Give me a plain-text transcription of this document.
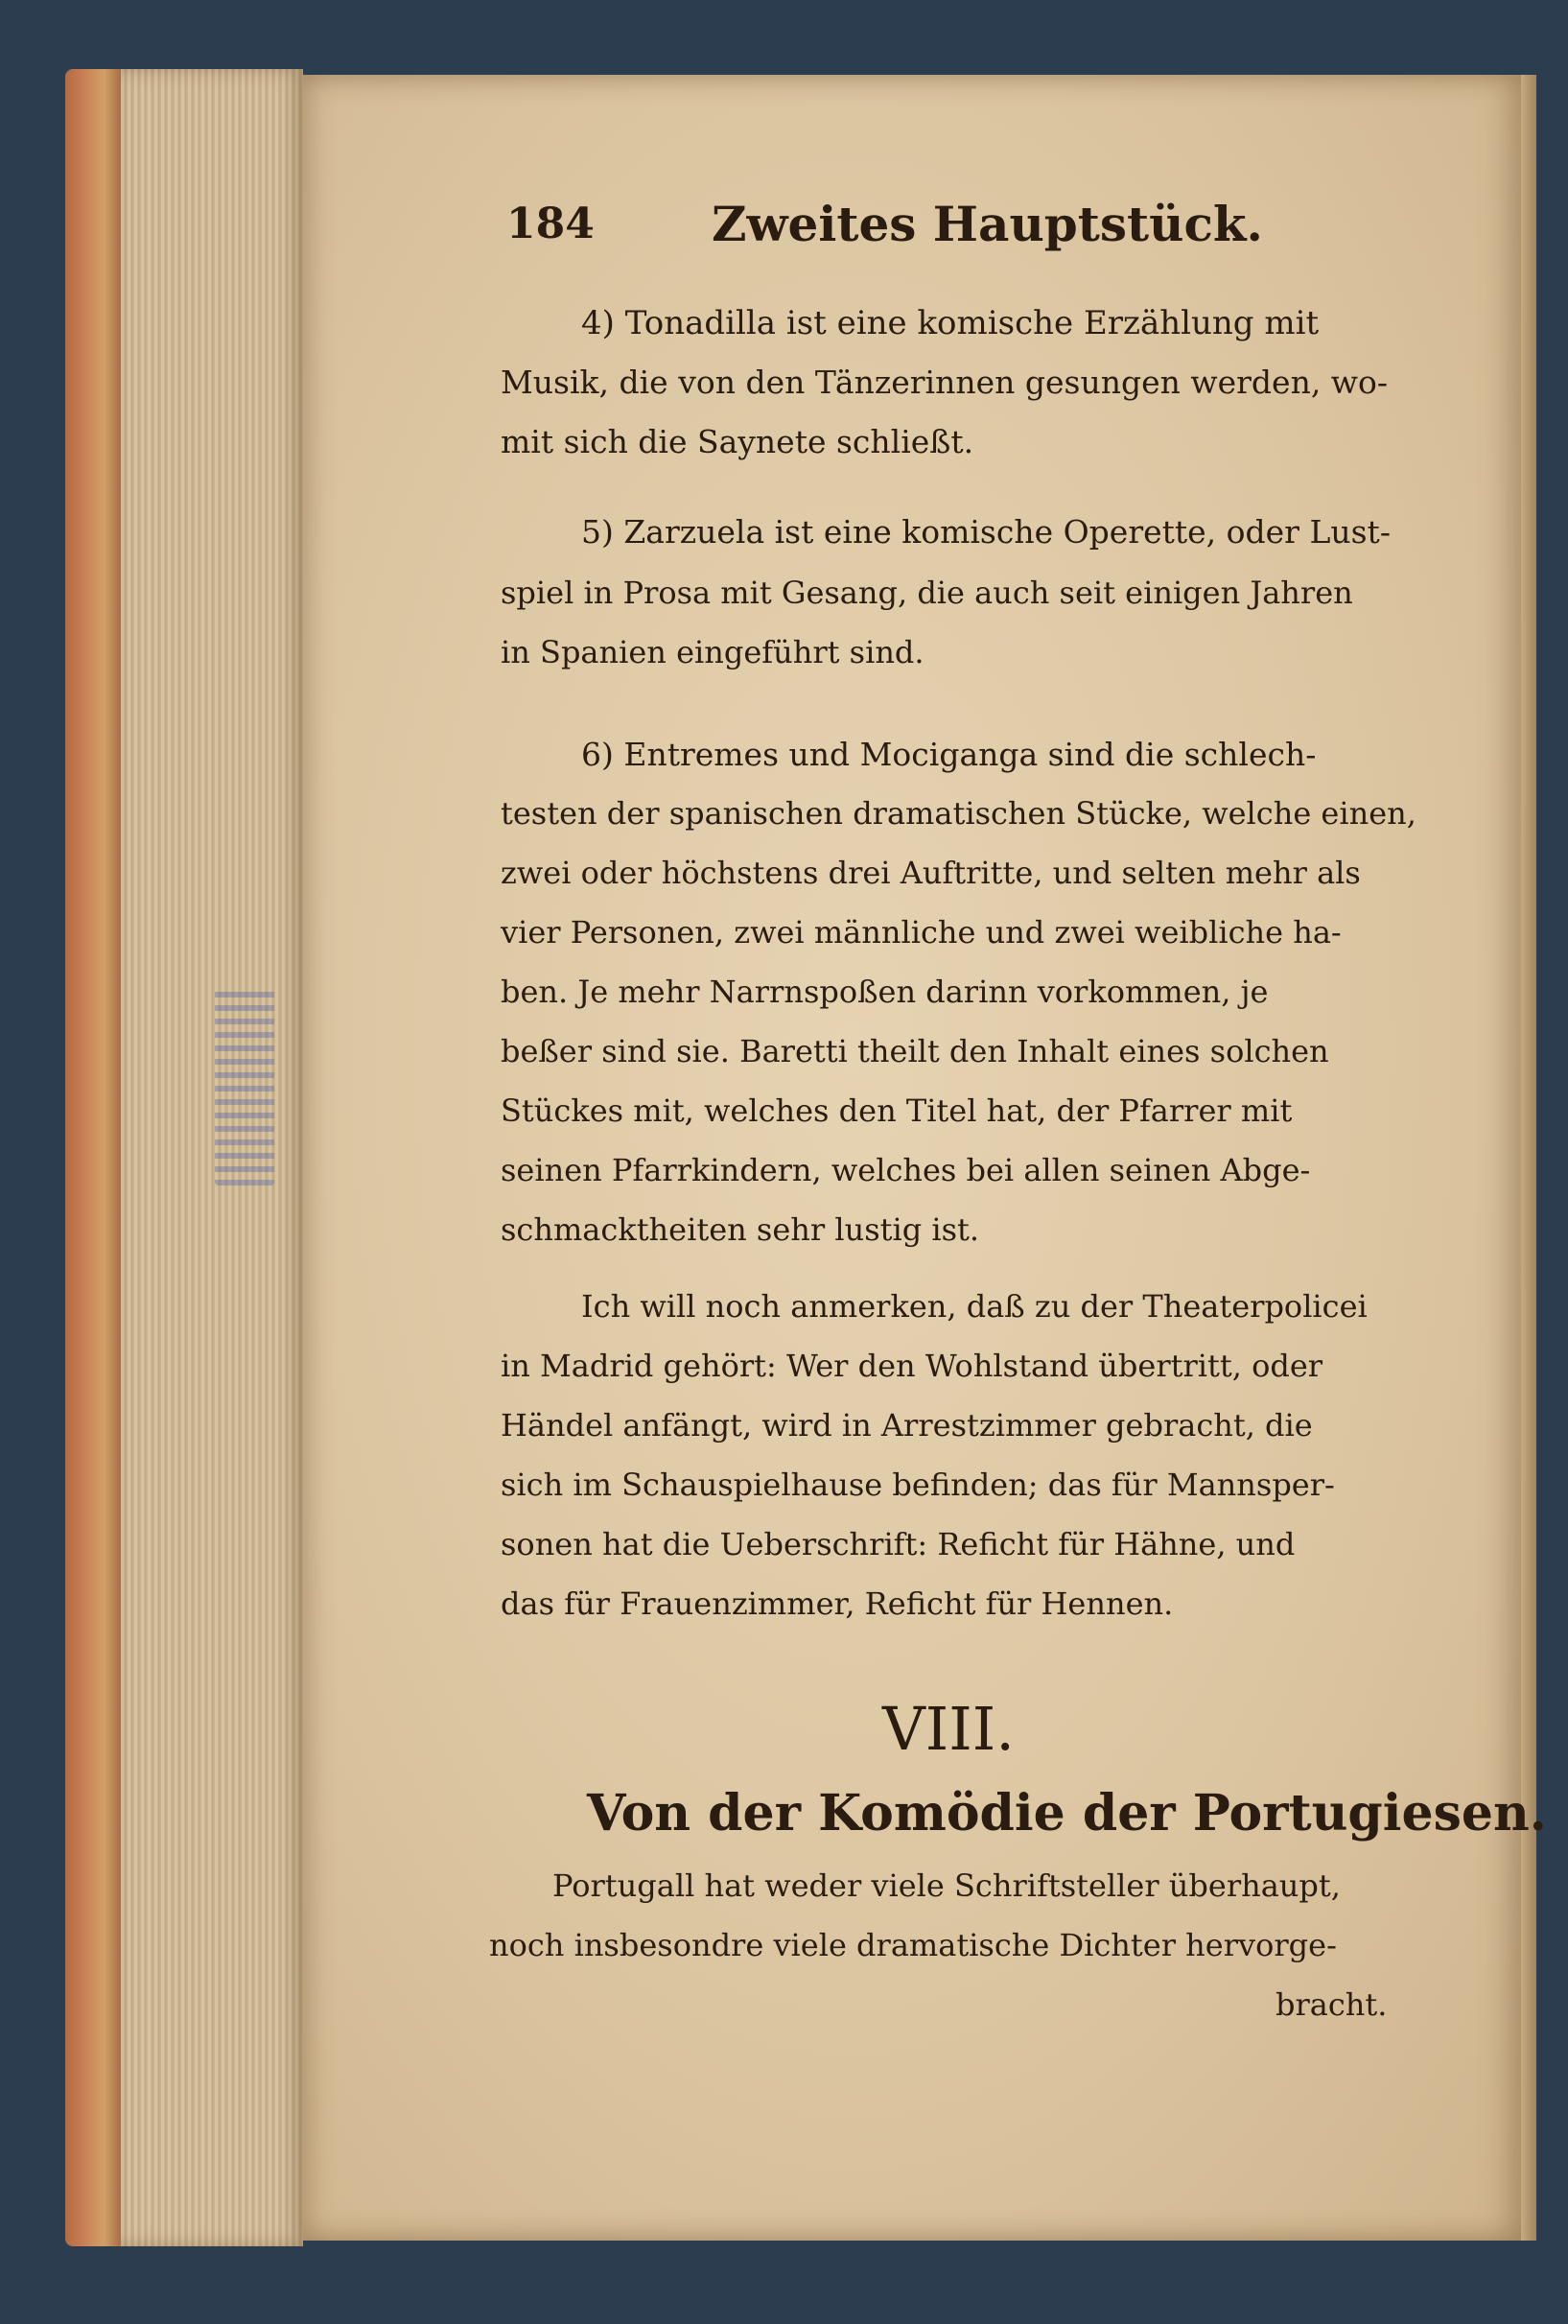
184 Zweites Hauptstück.
4) Tonadilla ist eine komische Erzählung mit
Musik, die von den Tänzerinnen gesungen werden, wo-
mit sich die Saynete schließt.
5) Zarzuela ist eine komische Operette, oder Lust-
spiel in Prosa mit Gesang, die auch seit einigen Jahren
in Spanien eingeführt sind.
6) Entremes und Mociganga sind die schlech-
testen der spanischen dramatischen Stücke, welche einen,
zwei oder höchstens drei Auftritte, und selten mehr als
vier Personen, zwei männliche und zwei weibliche ha-
ben. Je mehr Narrnspoßen darinn vorkommen, je
beßer sind sie. Baretti theilt den Inhalt eines solchen
Stückes mit, welches den Titel hat, der Pfarrer mit
seinen Pfarrkindern, welches bei allen seinen Abge-
schmacktheiten sehr lustig ist.
Ich will noch anmerken, daß zu der Theaterpolicei
in Madrid gehört: Wer den Wohlstand übertritt, oder
Händel anfängt, wird in Arrestzimmer gebracht, die
sich im Schauspielhause befinden; das für Mannsper-
sonen hat die Ueberschrift: Reficht für Hähne, und
das für Frauenzimmer, Reficht für Hennen.
VIII.
Von der Komödie der Portugiesen.
Portugall hat weder viele Schriftsteller überhaupt,
noch insbesondre viele dramatische Dichter hervorge-
bracht.
